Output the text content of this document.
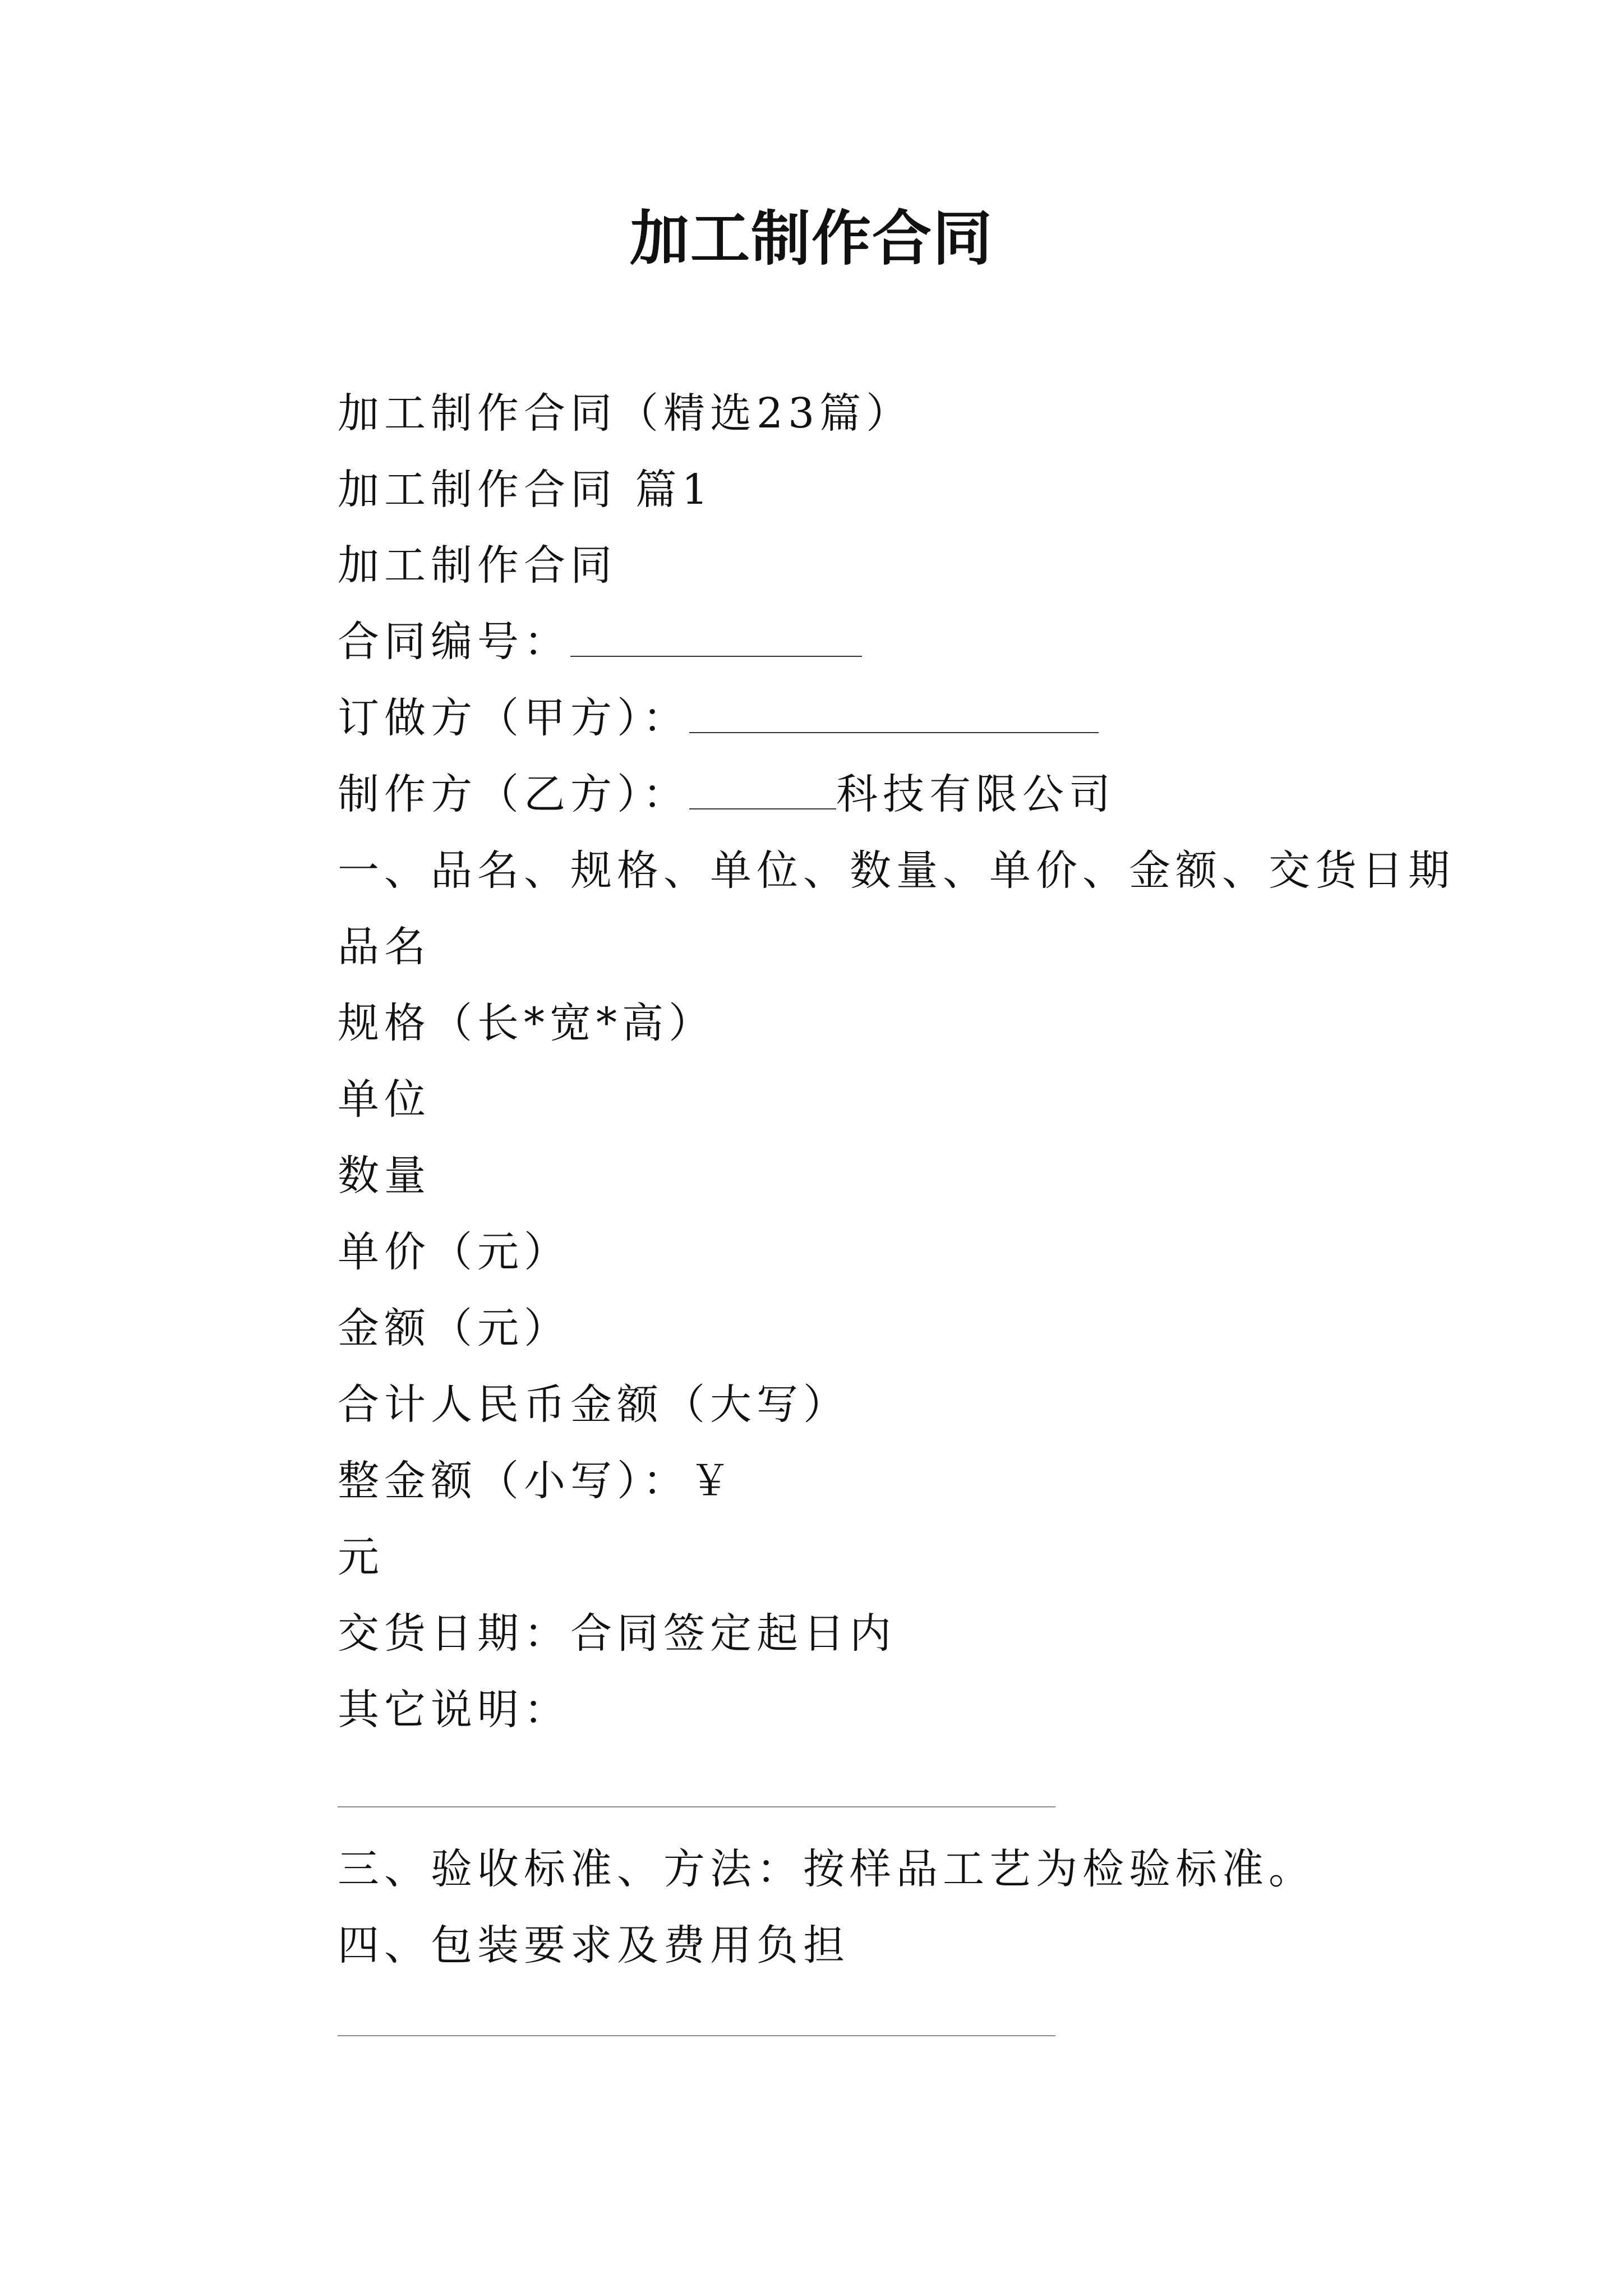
加工制作合同
加工制作合同（精选23篇）
加工制作合同 篇1
加工制作合同
合同编号：
订做方（甲方）：
制作方（乙方）：	科技有限公司
一、品名、规格、单位、数量、单价、金额、交货日期
品名
规格（长*宽*高）
单位
数量
单价（元）
金额（元）
合计人民币金额（大写）
整金额（小写）：￥
元
交货日期：合同签定起日内
其它说明：
三、验收标准、方法：按样品工艺为检验标准。
四、包装要求及费用负担
